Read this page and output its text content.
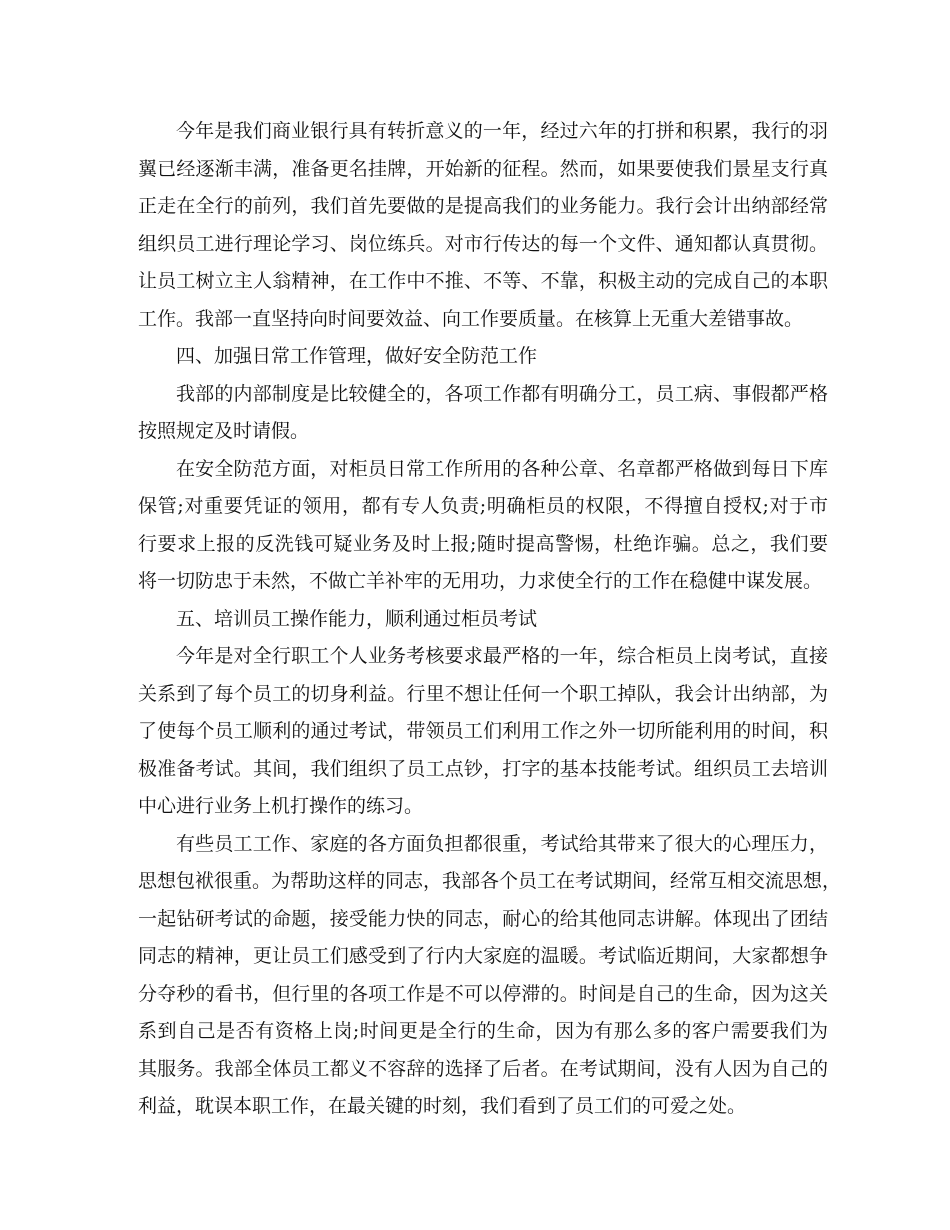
今年是我们商业银行具有转折意义的一年，经过六年的打拼和积累，我行的羽
翼已经逐渐丰满，准备更名挂牌，开始新的征程。然而，如果要使我们景星支行真
正走在全行的前列，我们首先要做的是提高我们的业务能力。我行会计出纳部经常
组织员工进行理论学习、岗位练兵。对市行传达的每一个文件、通知都认真贯彻。
让员工树立主人翁精神，在工作中不推、不等、不靠，积极主动的完成自己的本职
工作。我部一直坚持向时间要效益、向工作要质量。在核算上无重大差错事故。
四、加强日常工作管理，做好安全防范工作
我部的内部制度是比较健全的，各项工作都有明确分工，员工病、事假都严格
按照规定及时请假。
在安全防范方面，对柜员日常工作所用的各种公章、名章都严格做到每日下库
保管;对重要凭证的领用，都有专人负责;明确柜员的权限，不得擅自授权;对于市
行要求上报的反洗钱可疑业务及时上报;随时提高警惕，杜绝诈骗。总之，我们要
将一切防忠于未然，不做亡羊补牢的无用功，力求使全行的工作在稳健中谋发展。
五、培训员工操作能力，顺利通过柜员考试
今年是对全行职工个人业务考核要求最严格的一年，综合柜员上岗考试，直接
关系到了每个员工的切身利益。行里不想让任何一个职工掉队，我会计出纳部，为
了使每个员工顺利的通过考试，带领员工们利用工作之外一切所能利用的时间，积
极准备考试。其间，我们组织了员工点钞，打字的基本技能考试。组织员工去培训
中心进行业务上机打操作的练习。
有些员工工作、家庭的各方面负担都很重，考试给其带来了很大的心理压力，
思想包袱很重。为帮助这样的同志，我部各个员工在考试期间，经常互相交流思想，
一起钻研考试的命题，接受能力快的同志，耐心的给其他同志讲解。体现出了团结
同志的精神，更让员工们感受到了行内大家庭的温暖。考试临近期间，大家都想争
分夺秒的看书，但行里的各项工作是不可以停滞的。时间是自己的生命，因为这关
系到自己是否有资格上岗;时间更是全行的生命，因为有那么多的客户需要我们为
其服务。我部全体员工都义不容辞的选择了后者。在考试期间，没有人因为自己的
利益，耽误本职工作，在最关键的时刻，我们看到了员工们的可爱之处。
